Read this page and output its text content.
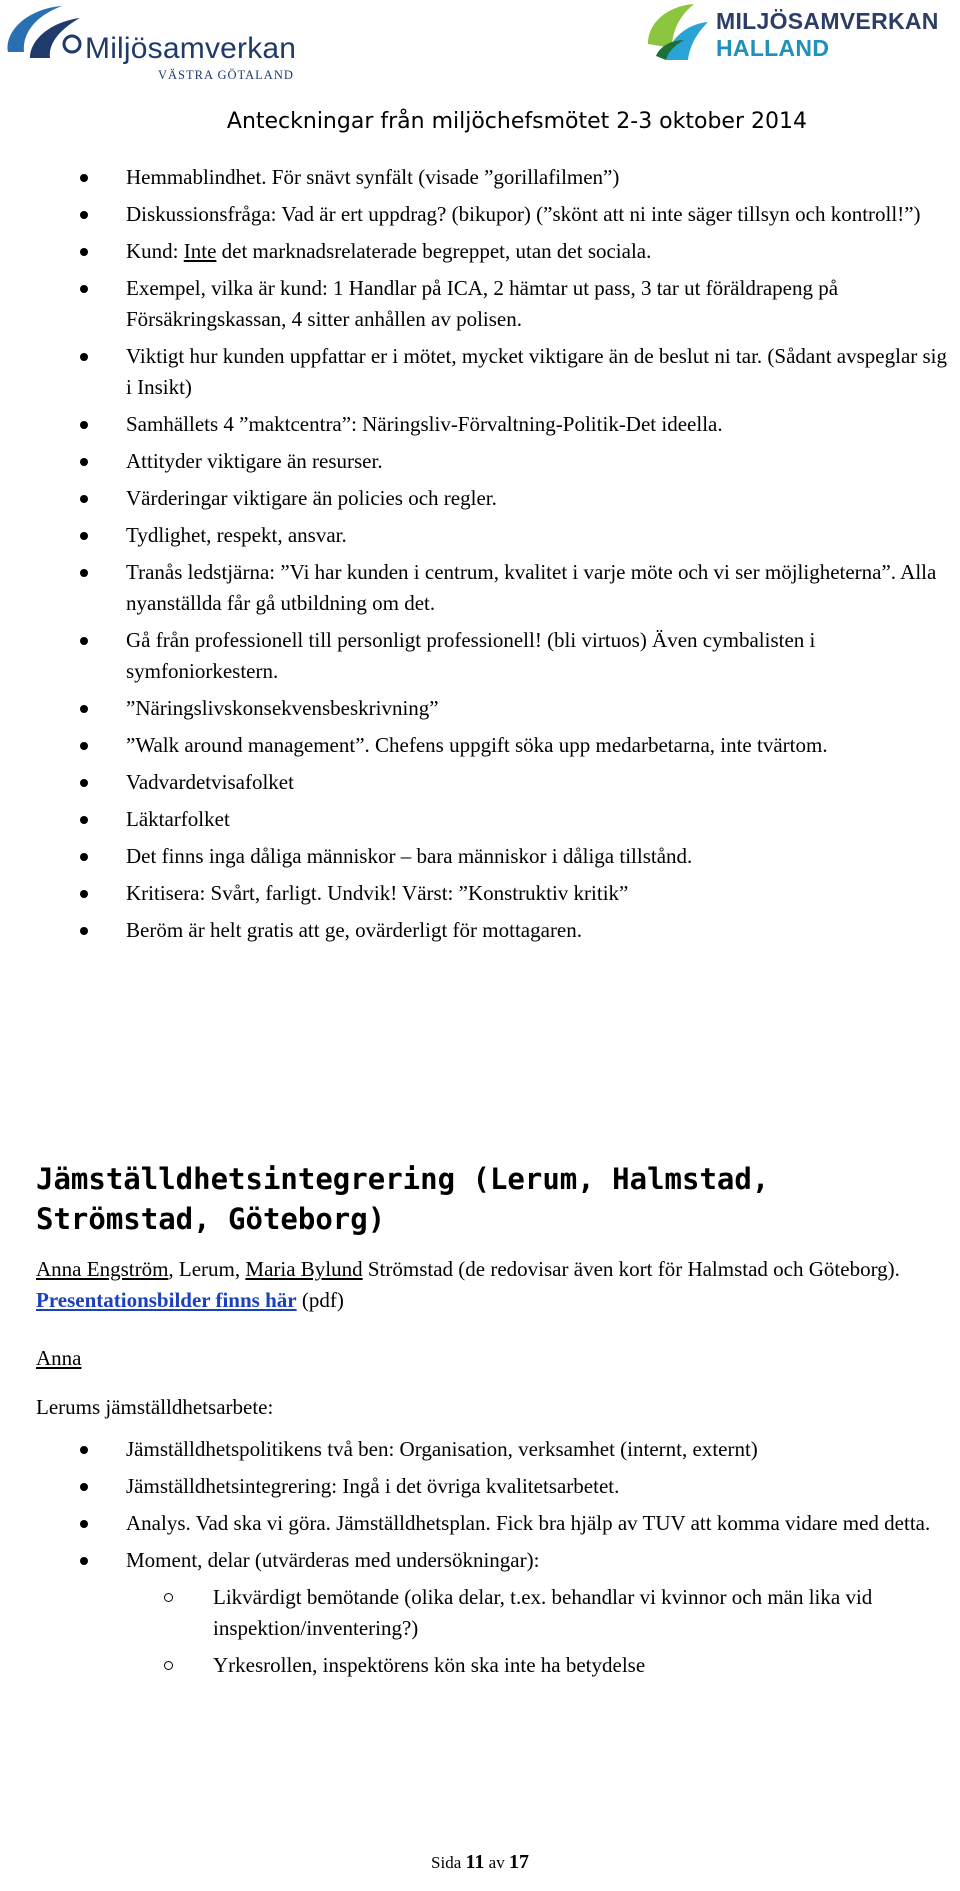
Miljösamverkan
VÄSTRA GÖTALAND
MILJÖSAMVERKAN
HALLAND
Anteckningar från miljöchefsmötet 2-3 oktober 2014
Hemmablindhet. För snävt synfält (visade ”gorillafilmen”)
Diskussionsfråga: Vad är ert uppdrag? (bikupor) (”skönt att ni inte säger tillsyn och kontroll!”)
Kund: Inte det marknadsrelaterade begreppet, utan det sociala.
Exempel, vilka är kund: 1 Handlar på ICA, 2 hämtar ut pass, 3 tar ut föräldrapeng på Försäkringskassan, 4 sitter anhållen av polisen.
Viktigt hur kunden uppfattar er i mötet, mycket viktigare än de beslut ni tar. (Sådant avspeglar sig i Insikt)
Samhällets 4 ”maktcentra”: Näringsliv-Förvaltning-Politik-Det ideella.
Attityder viktigare än resurser.
Värderingar viktigare än policies och regler.
Tydlighet, respekt, ansvar.
Tranås ledstjärna: ”Vi har kunden i centrum, kvalitet i varje möte och vi ser möjligheterna”. Alla nyanställda får gå utbildning om det.
Gå från professionell till personligt professionell! (bli virtuos) Även cymbalisten i symfoniorkestern.
”Näringslivskonsekvensbeskrivning”
”Walk around management”. Chefens uppgift söka upp medarbetarna, inte tvärtom.
Vadvardetvisafolket
Läktarfolket
Det finns inga dåliga människor – bara människor i dåliga tillstånd.
Kritisera: Svårt, farligt. Undvik! Värst: ”Konstruktiv kritik”
Beröm är helt gratis att ge, ovärderligt för mottagaren.
Jämställdhetsintegrering (Lerum, Halmstad, Strömstad, Göteborg)
Anna Engström, Lerum, Maria Bylund Strömstad (de redovisar även kort för Halmstad och Göteborg). Presentationsbilder finns här (pdf)
Anna
Lerums jämställdhetsarbete:
Jämställdhetspolitikens två ben: Organisation, verksamhet (internt, externt)
Jämställdhetsintegrering: Ingå i det övriga kvalitetsarbetet.
Analys. Vad ska vi göra. Jämställdhetsplan. Fick bra hjälp av TUV att komma vidare med detta.
Moment, delar (utvärderas med undersökningar):
Likvärdigt bemötande (olika delar, t.ex. behandlar vi kvinnor och män lika vid inspektion/inventering?)
Yrkesrollen, inspektörens kön ska inte ha betydelse
Sida 11 av 17
